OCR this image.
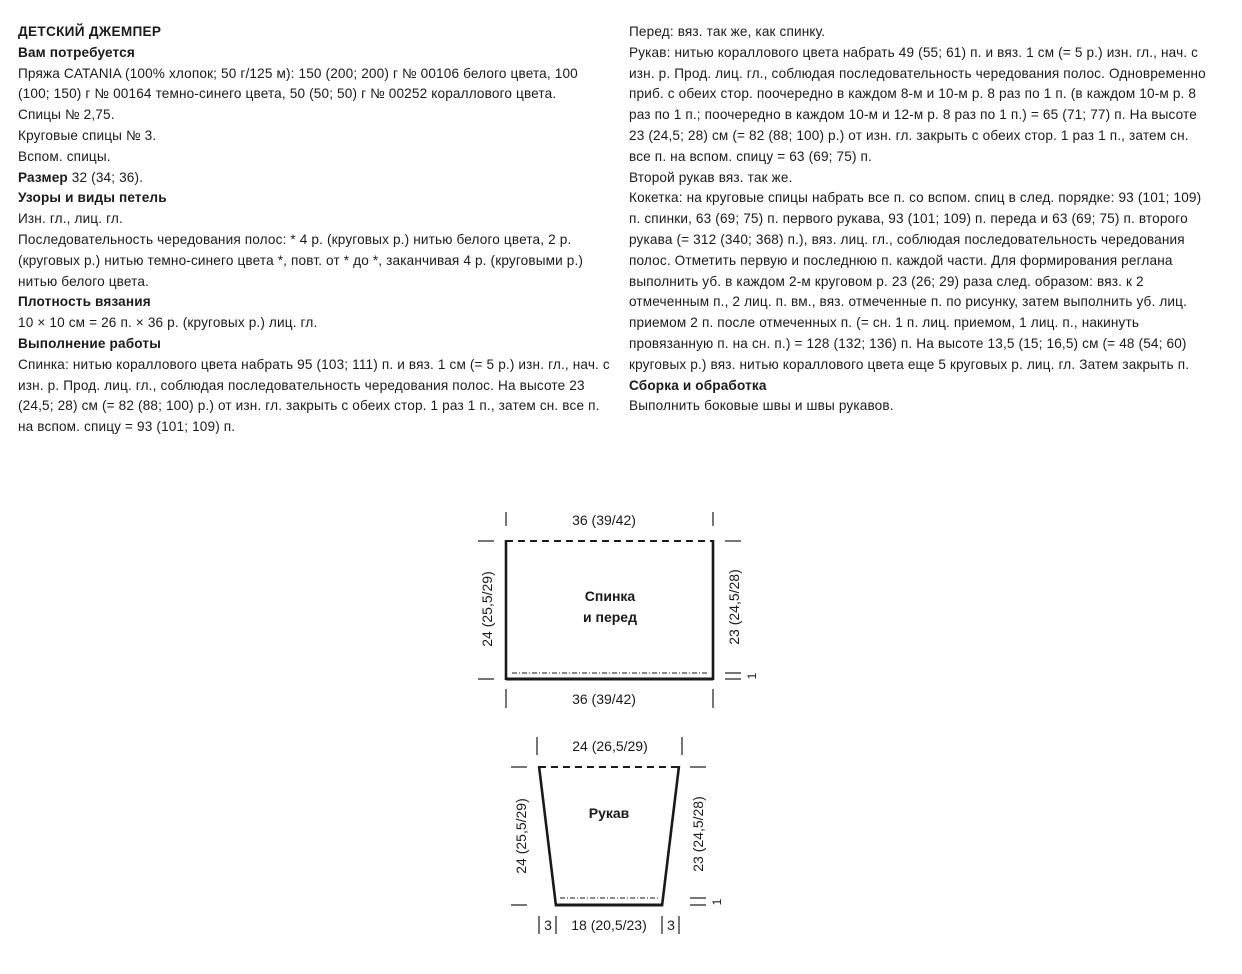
ДЕТСКИЙ ДЖЕМПЕР

Вам потребуется

Пряжа CATANIA (100% хлопок; 50 г/125 м): 150 (200; 200) г № 00106 белого цвета, 100 (100; 150) г № 00164 темно-синего цвета, 50 (50; 50) г № 00252 кораллового цвета.

Спицы № 2,75.

Круговые спицы № 3.

Вспом. спицы.

Размер 32 (34; 36).

Узоры и виды петель

Изн. гл., лиц. гл.

Последовательность чередования полос: * 4 р. (круговых р.) нитью белого цвета, 2 р. (круговых р.) нитью темно-синего цвета *, повт. от * до *, заканчивая 4 р. (круговыми р.) нитью белого цвета.

Плотность вязания

10 × 10 см = 26 п. × 36 р. (круговых р.) лиц. гл.

Выполнение работы

Спинка: нитью кораллового цвета набрать 95 (103; 111) п. и вяз. 1 см (= 5 р.) изн. гл., нач. с изн. р. Прод. лиц. гл., соблюдая последовательность чередования полос. На высоте 23 (24,5; 28) см (= 82 (88; 100) р.) от изн. гл. закрыть с обеих стор. 1 раз 1 п., затем сн. все п. на вспом. спицу = 93 (101; 109) п.

Перед: вяз. так же, как спинку.

Рукав: нитью кораллового цвета набрать 49 (55; 61) п. и вяз. 1 см (= 5 р.) изн. гл., нач. с изн. р. Прод. лиц. гл., соблюдая последовательность чередования полос. Одновременно приб. с обеих стор. поочередно в каждом 8-м и 10-м р. 8 раз по 1 п. (в каждом 10-м р. 8 раз по 1 п.; поочередно в каждом 10-м и 12-м р. 8 раз по 1 п.) = 65 (71; 77) п. На высоте 23 (24,5; 28) см (= 82 (88; 100) р.) от изн. гл. закрыть с обеих стор. 1 раз 1 п., затем сн. все п. на вспом. спицу = 63 (69; 75) п.

Второй рукав вяз. так же.

Кокетка: на круговые спицы набрать все п. со вспом. спиц в след. порядке: 93 (101; 109) п. спинки, 63 (69; 75) п. первого рукава, 93 (101; 109) п. переда и 63 (69; 75) п. второго рукава (= 312 (340; 368) п.), вяз. лиц. гл., соблюдая последовательность чередования полос. Отметить первую и последнюю п. каждой части. Для формирования реглана выполнить уб. в каждом 2-м круговом р. 23 (26; 29) раза след. образом: вяз. к 2 отмеченным п., 2 лиц. п. вм., вяз. отмеченные п. по рисунку, затем выполнить уб. лиц. приемом 2 п. после отмеченных п. (= сн. 1 п. лиц. приемом, 1 лиц. п., накинуть провязанную п. на сн. п.) = 128 (132; 136) п. На высоте 13,5 (15; 16,5) см (= 48 (54; 60) круговых р.) вяз. нитью кораллового цвета еще 5 круговых р. лиц. гл. Затем закрыть п.

Сборка и обработка

Выполнить боковые швы и швы рукавов.

36 (39/42)
24 (25,5/29)	23 (24,5/28)
1
Спинка
и перед
36 (39/42)
24 (26,5/29)
24 (25,5/29)	23 (24,5/28)
1
Рукав
3 18 (20,5/23) 3
